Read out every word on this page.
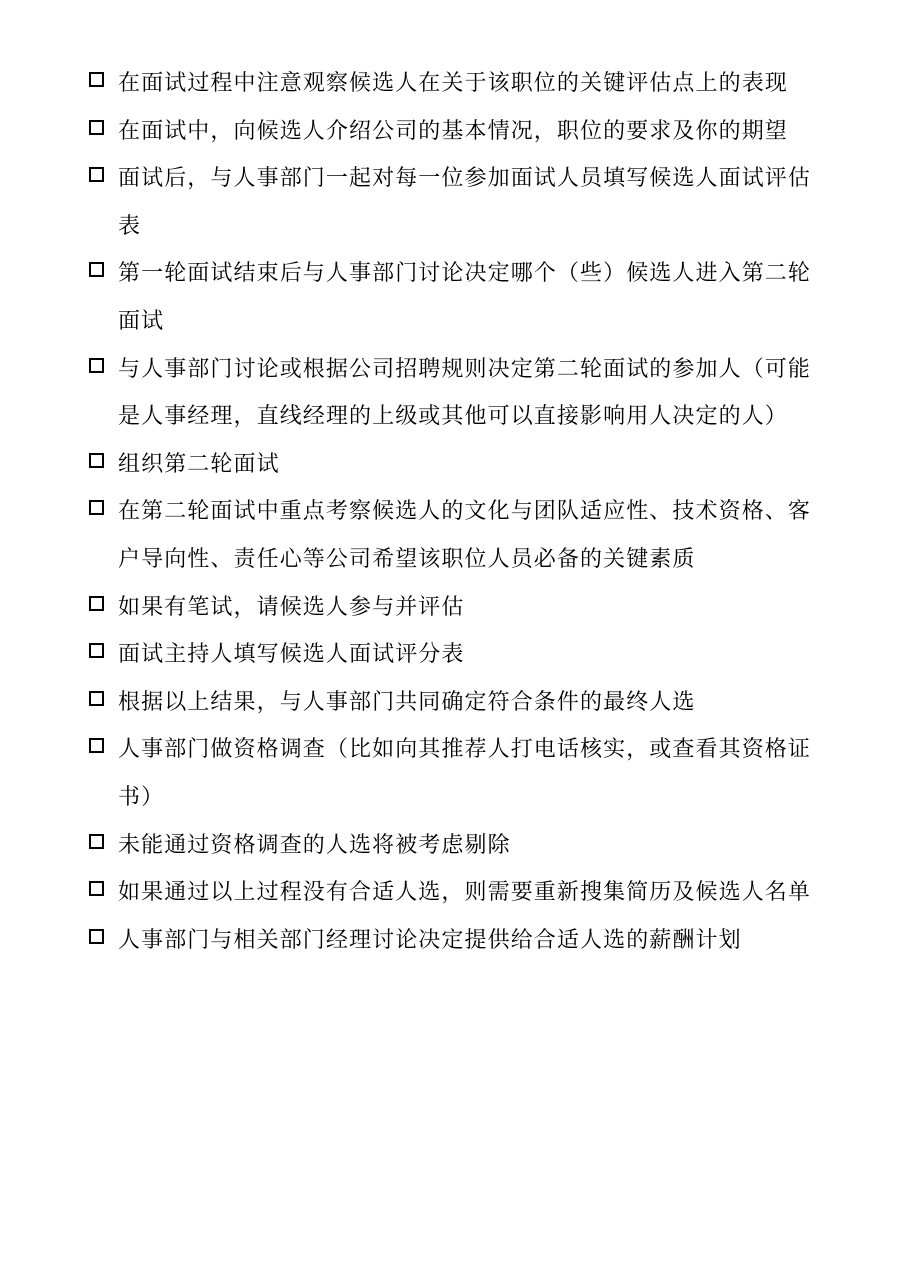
在面试过程中注意观察候选人在关于该职位的关键评估点上的表现
在面试中，向候选人介绍公司的基本情况，职位的要求及你的期望
面试后，与人事部门一起对每一位参加面试人员填写候选人面试评估表
第一轮面试结束后与人事部门讨论决定哪个（些）候选人进入第二轮面试
与人事部门讨论或根据公司招聘规则决定第二轮面试的参加人（可能是人事经理，直线经理的上级或其他可以直接影响用人决定的人）
组织第二轮面试
在第二轮面试中重点考察候选人的文化与团队适应性、技术资格、客户导向性、责任心等公司希望该职位人员必备的关键素质
如果有笔试，请候选人参与并评估
面试主持人填写候选人面试评分表
根据以上结果，与人事部门共同确定符合条件的最终人选
人事部门做资格调查（比如向其推荐人打电话核实，或查看其资格证书）
未能通过资格调查的人选将被考虑剔除
如果通过以上过程没有合适人选，则需要重新搜集简历及候选人名单
人事部门与相关部门经理讨论决定提供给合适人选的薪酬计划
